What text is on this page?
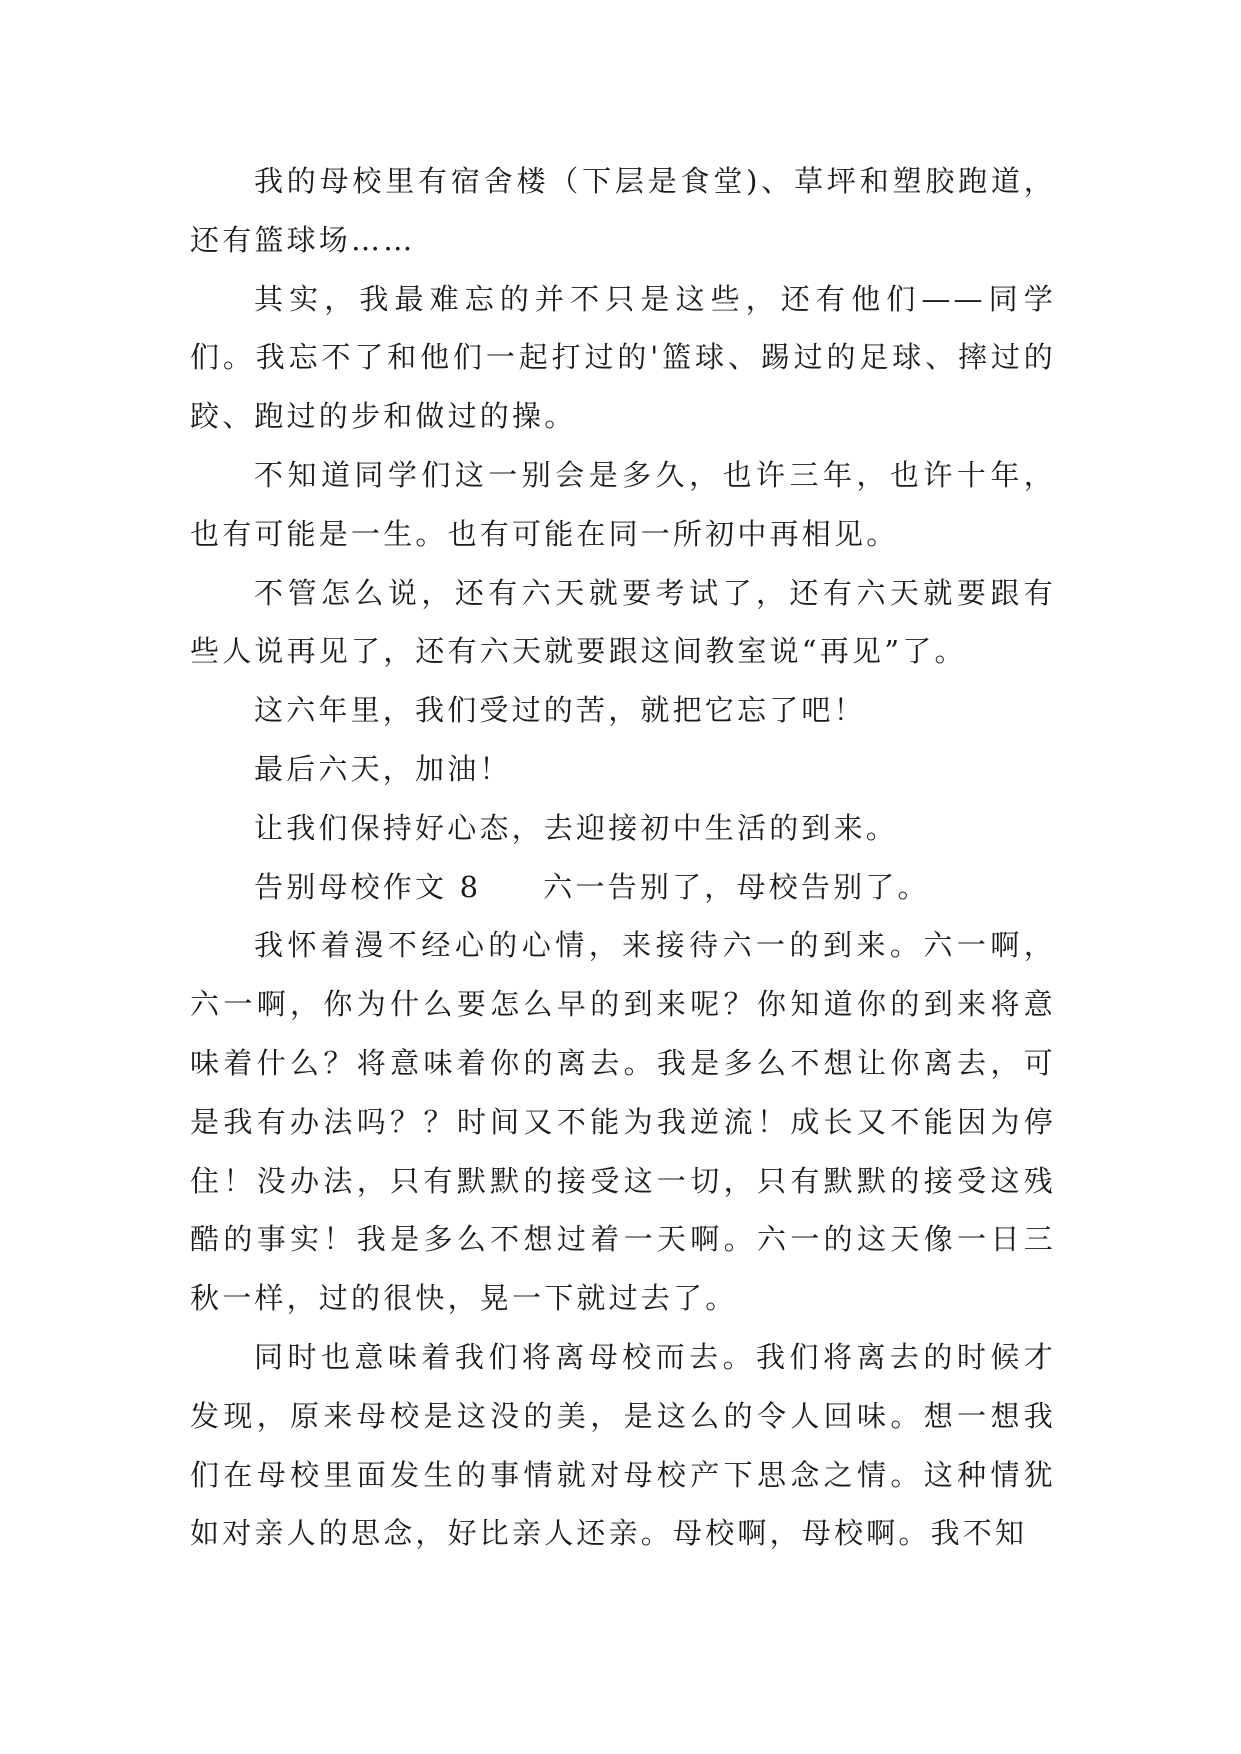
我的母校里有宿舍楼（下层是食堂)、草坪和塑胶跑道，还有篮球场……

其实，我最难忘的并不只是这些，还有他们——同学们。我忘不了和他们一起打过的'篮球、踢过的足球、摔过的跤、跑过的步和做过的操。

不知道同学们这一别会是多久，也许三年，也许十年，也有可能是一生。也有可能在同一所初中再相见。

不管怎么说，还有六天就要考试了，还有六天就要跟有些人说再见了，还有六天就要跟这间教室说“再见”了。

这六年里，我们受过的苦，就把它忘了吧！

最后六天，加油！

让我们保持好心态，去迎接初中生活的到来。

告别母校作文 8 六一告别了，母校告别了。

我怀着漫不经心的心情，来接待六一的到来。六一啊，六一啊，你为什么要怎么早的到来呢？你知道你的到来将意味着什么？将意味着你的离去。我是多么不想让你离去，可是我有办法吗？？时间又不能为我逆流！成长又不能因为停住！没办法，只有默默的接受这一切，只有默默的接受这残酷的事实！我是多么不想过着一天啊。六一的这天像一日三秋一样，过的很快，晃一下就过去了。

同时也意味着我们将离母校而去。我们将离去的时候才发现，原来母校是这没的美，是这么的令人回味。想一想我们在母校里面发生的事情就对母校产下思念之情。这种情犹如对亲人的思念，好比亲人还亲。母校啊，母校啊。我不知
